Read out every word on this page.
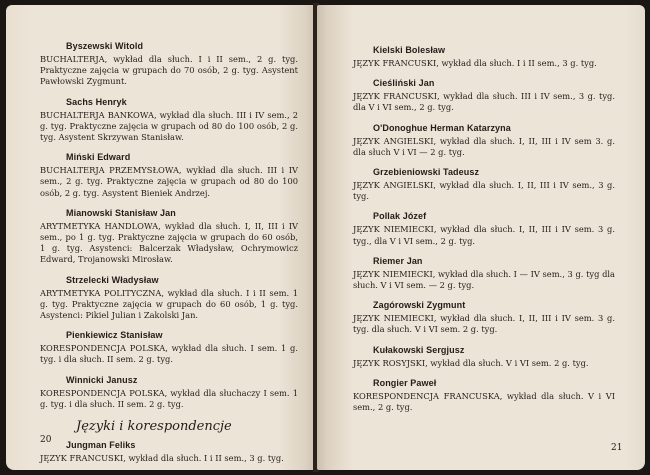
Byszewski Witold
BUCHALTERJA, wykład dla słuch. I i II sem., 2 g. tyg. Praktyczne zajęcia w grupach do 70 osób, 2 g. tyg. Asystent Pawłowski Zygmunt.
Sachs Henryk
BUCHALTERJA BANKOWA, wykład dla słuch. III i IV sem., 2 g. tyg. Praktyczne zajęcia w grupach od 80 do 100 osób, 2 g. tyg. Asystent Skrzywan Stanisław.
Miński Edward
BUCHALTERJA PRZEMYSŁOWA, wykład dla słuch. III i IV sem., 2 g. tyg. Praktyczne zajęcia w grupach od 80 do 100 osób, 2 g. tyg. Asystent Bieniek Andrzej.
Mianowski Stanisław Jan
ARYTMETYKA HANDLOWA, wykład dla słuch. I, II, III i IV sem., po 1 g. tyg. Praktyczne zajęcia w grupach do 60 osób, 1 g. tyg. Asystenci: Balcerzak Władysław, Ochrymowicz Edward, Trojanowski Mirosław.
Strzelecki Władysław
ARYTMETYKA POLITYCZNA, wykład dla słuch. I i II sem. 1 g. tyg. Praktyczne zajęcia w grupach do 60 osób, 1 g. tyg. Asystenci: Pikiel Julian i Zakolski Jan.
Pienkiewicz Stanisław
KORESPONDENCJA POLSKA, wykład dla słuch. I sem. 1 g. tyg. i dla słuch. II sem. 2 g. tyg.
Winnicki Janusz
KORESPONDENCJA POLSKA, wykład dla słuchaczy I sem. 1 g. tyg. i dla słuch. II sem. 2 g. tyg.
Języki i korespondencje
Jungman Feliks
JĘZYK FRANCUSKI, wykład dla słuch. I i II sem., 3 g. tyg.
20
Kielski Bolesław
JĘZYK FRANCUSKI, wykład dla słuch. I i II sem., 3 g. tyg.
Cieśliński Jan
JĘZYK FRANCUSKI, wykład dla słuch. III i IV sem., 3 g. tyg. dla V i VI sem., 2 g. tyg.
O'Donoghue Herman Katarzyna
JĘZYK ANGIELSKI, wykład dla słuch. I, II, III i IV sem 3. g. dla słuch V i VI — 2 g. tyg.
Grzebieniowski Tadeusz
JĘZYK ANGIELSKI, wykład dla słuch. I, II, III i IV sem., 3 g. tyg.
Pollak Józef
JĘZYK NIEMIECKI, wykład dla słuch. I, II, III i IV sem. 3 g. tyg., dla V i VI sem., 2 g. tyg.
Riemer Jan
JĘZYK NIEMIECKI, wykład dla słuch. I — IV sem., 3 g. tyg dla słuch. V i VI sem. — 2 g. tyg.
Zagórowski Zygmunt
JĘZYK NIEMIECKI, wykład dla słuch. I, II, III i IV sem. 3 g. tyg. dla słuch. V i VI sem. 2 g. tyg.
Kułakowski Sergjusz
JĘZYK ROSYJSKI, wykład dla słuch. V i VI sem. 2 g. tyg.
Rongier Paweł
KORESPONDENCJA FRANCUSKA, wykład dla słuch. V i VI sem., 2 g. tyg.
21
